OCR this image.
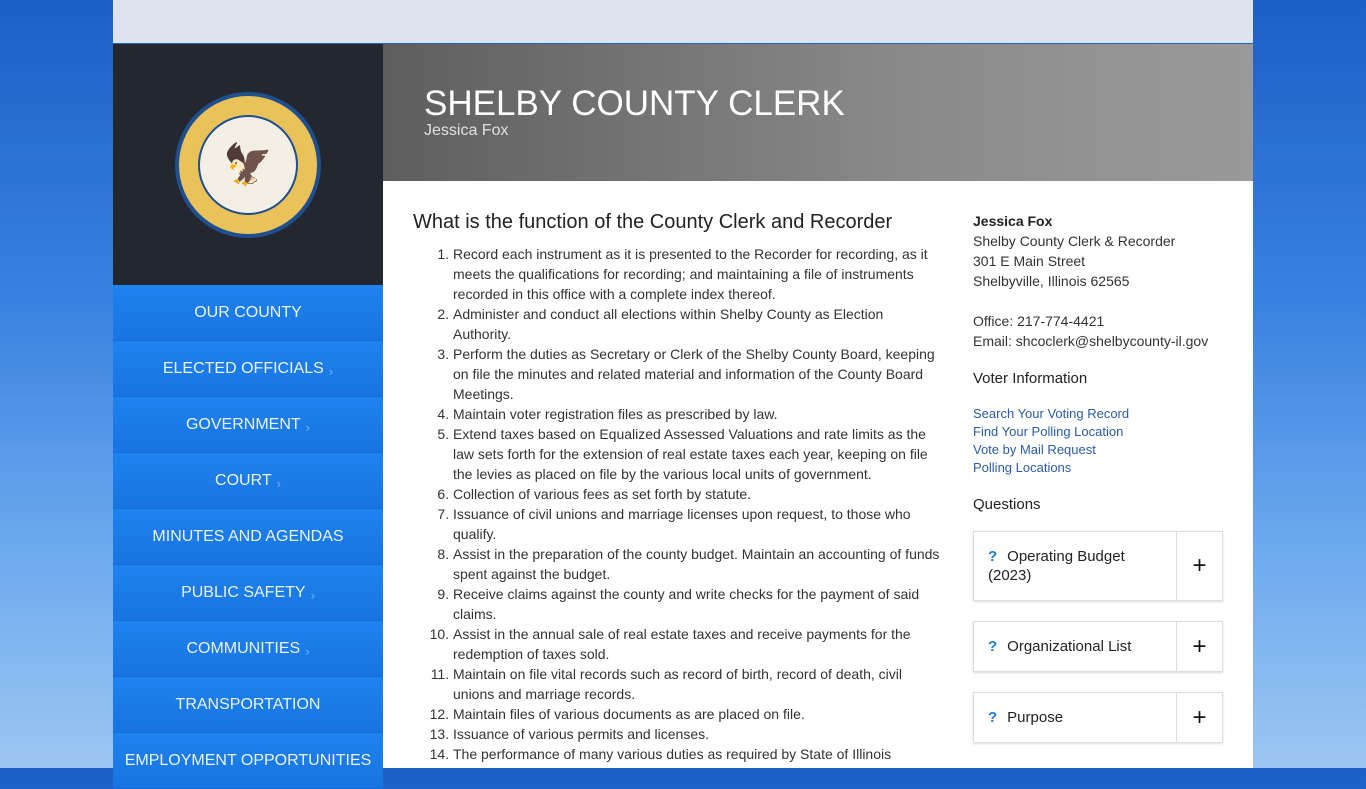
🦅
OUR COUNTY
ELECTED OFFICIALS ›
GOVERNMENT ›
COURT ›
MINUTES AND AGENDAS
PUBLIC SAFETY ›
COMMUNITIES ›
TRANSPORTATION
EMPLOYMENT OPPORTUNITIES
SHELBY COUNTY CLERK
Jessica Fox
What is the function of the County Clerk and Recorder
1. Record each instrument as it is presented to the Recorder for recording, as it meets the qualifications for recording; and maintaining a file of instruments recorded in this office with a complete index thereof.
2. Administer and conduct all elections within Shelby County as Election Authority.
3. Perform the duties as Secretary or Clerk of the Shelby County Board, keeping on file the minutes and related material and information of the County Board Meetings.
4. Maintain voter registration files as prescribed by law.
5. Extend taxes based on Equalized Assessed Valuations and rate limits as the law sets forth for the extension of real estate taxes each year, keeping on file the levies as placed on file by the various local units of government.
6. Collection of various fees as set forth by statute.
7. Issuance of civil unions and marriage licenses upon request, to those who qualify.
8. Assist in the preparation of the county budget. Maintain an accounting of funds spent against the budget.
9. Receive claims against the county and write checks for the payment of said claims.
10. Assist in the annual sale of real estate taxes and receive payments for the redemption of taxes sold.
11. Maintain on file vital records such as record of birth, record of death, civil unions and marriage records.
12. Maintain files of various documents as are placed on file.
13. Issuance of various permits and licenses.
14. The performance of many various duties as required by State of Illinois
Jessica Fox
Shelby County Clerk & Recorder
301 E Main Street
Shelbyville, Illinois 62565

Office: 217-774-4421
Email: shcoclerk@shelbycounty-il.gov
Voter Information
Search Your Voting Record
Find Your Polling Location
Vote by Mail Request
Polling Locations
Questions
? Operating Budget (2023)	+
? Organizational List	+
? Purpose	+
